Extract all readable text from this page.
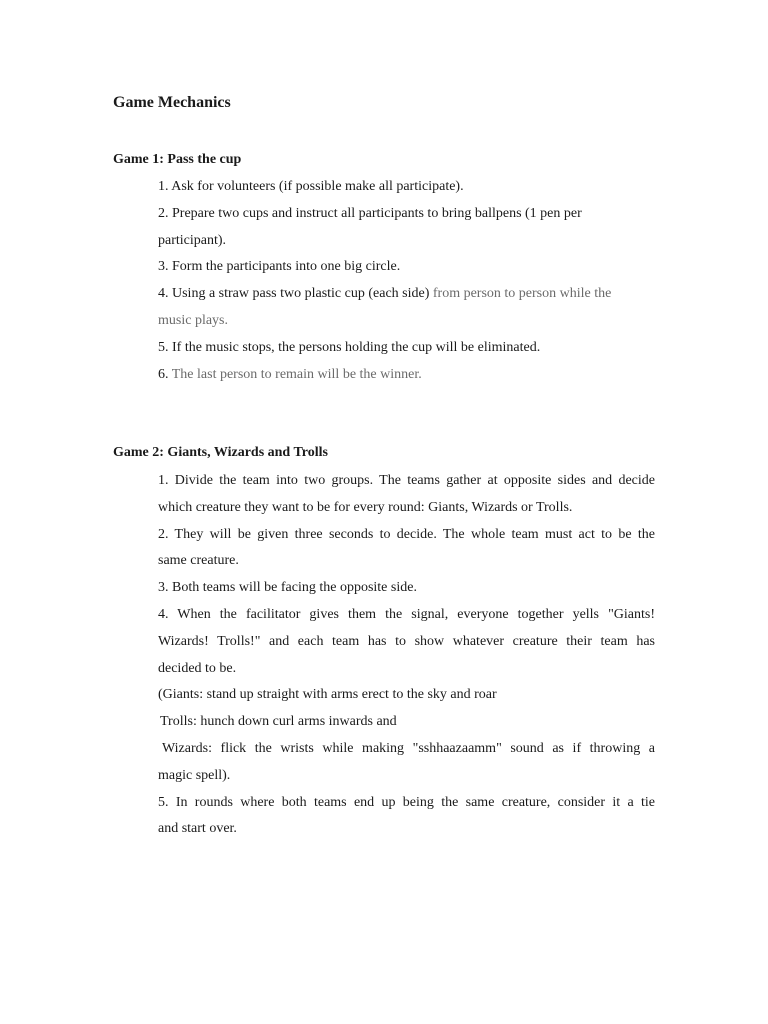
Game Mechanics
Game 1: Pass the cup
1. Ask for volunteers (if possible make all participate).
2. Prepare two cups and instruct all participants to bring ballpens (1 pen per
participant).
3. Form the participants into one big circle.
4. Using a straw pass two plastic cup (each side) from person to person while the
music plays.
5. If the music stops, the persons holding the cup will be eliminated.
6. The last person to remain will be the winner.
Game 2: Giants, Wizards and Trolls
1. Divide the team into two groups. The teams gather at opposite sides and decide
which creature they want to be for every round: Giants, Wizards or Trolls.
2. They will be given three seconds to decide. The whole team must act to be the
same creature.
3. Both teams will be facing the opposite side.
4. When the facilitator gives them the signal, everyone together yells "Giants!
Wizards! Trolls!" and each team has to show whatever creature their team has
decided to be.
(Giants: stand up straight with arms erect to the sky and roar
Trolls: hunch down curl arms inwards and
Wizards: flick the wrists while making "sshhaazaamm" sound as if throwing a
magic spell).
5. In rounds where both teams end up being the same creature, consider it a tie
and start over.
